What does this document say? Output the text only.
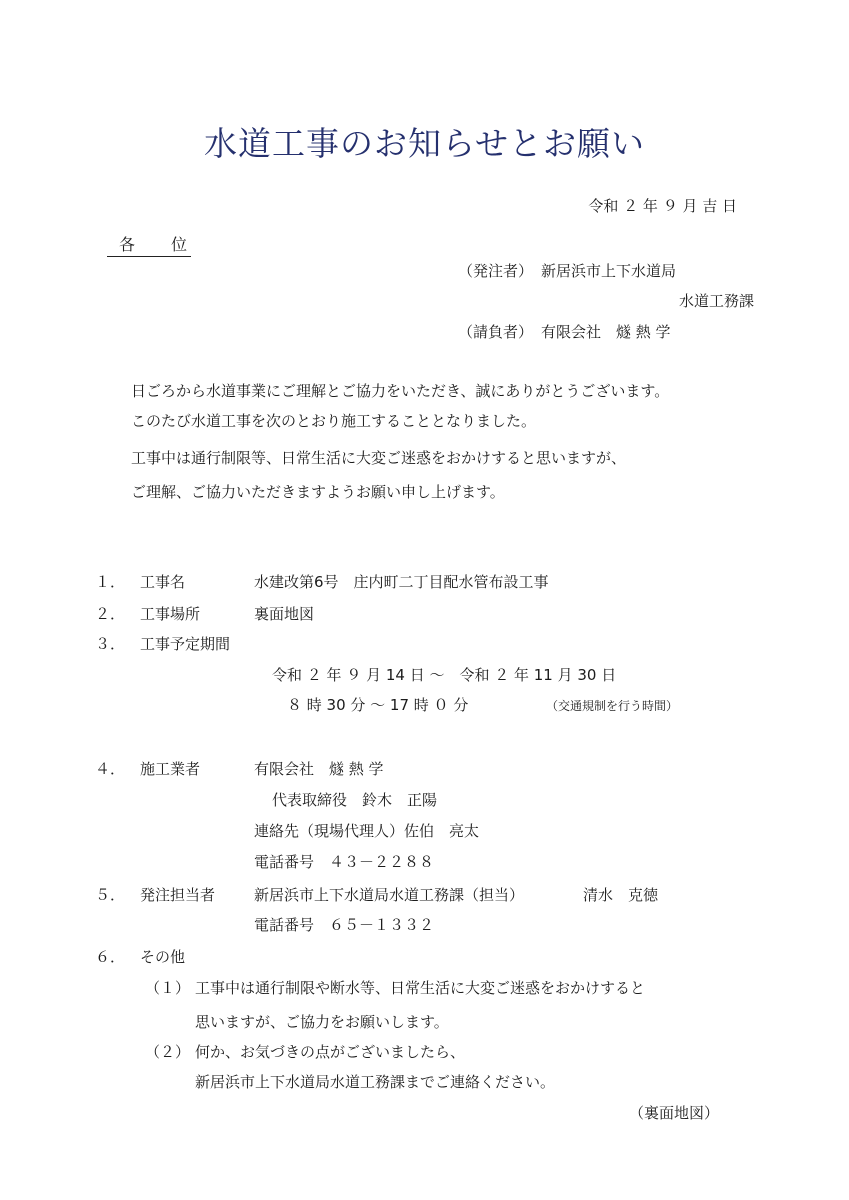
水道工事のお知らせとお願い
令和 ２ 年 ９ 月 吉 日
各 位
（発注者） 新居浜市上下水道局
水道工務課
（請負者） 有限会社　燧 熱 学
日ごろから水道事業にご理解とご協力をいただき、誠にありがとうございます。
このたび水道工事を次のとおり施工することとなりました。
工事中は通行制限等、日常生活に大変ご迷惑をおかけすると思いますが、
ご理解、ご協力いただきますようお願い申し上げます。
１． 工事名	水建改第6号　庄内町二丁目配水管布設工事
２． 工事場所	裏面地図
３． 工事予定期間
令和 ２ 年 ９ 月 14 日 〜　令和 ２ 年 11 月 30 日
８ 時 30 分 〜 17 時 ０ 分	（交通規制を行う時間）
４． 施工業者	有限会社　燧 熱 学
代表取締役　鈴木　正陽
連絡先（現場代理人）佐伯　亮太
電話番号　４３－２２８８
５． 発注担当者	新居浜市上下水道局水道工務課（担当）	清水　克徳
電話番号　６５－１３３２
６． その他
（１） 工事中は通行制限や断水等、日常生活に大変ご迷惑をおかけすると
思いますが、ご協力をお願いします。
（２） 何か、お気づきの点がございましたら、
新居浜市上下水道局水道工務課までご連絡ください。
（裏面地図）
